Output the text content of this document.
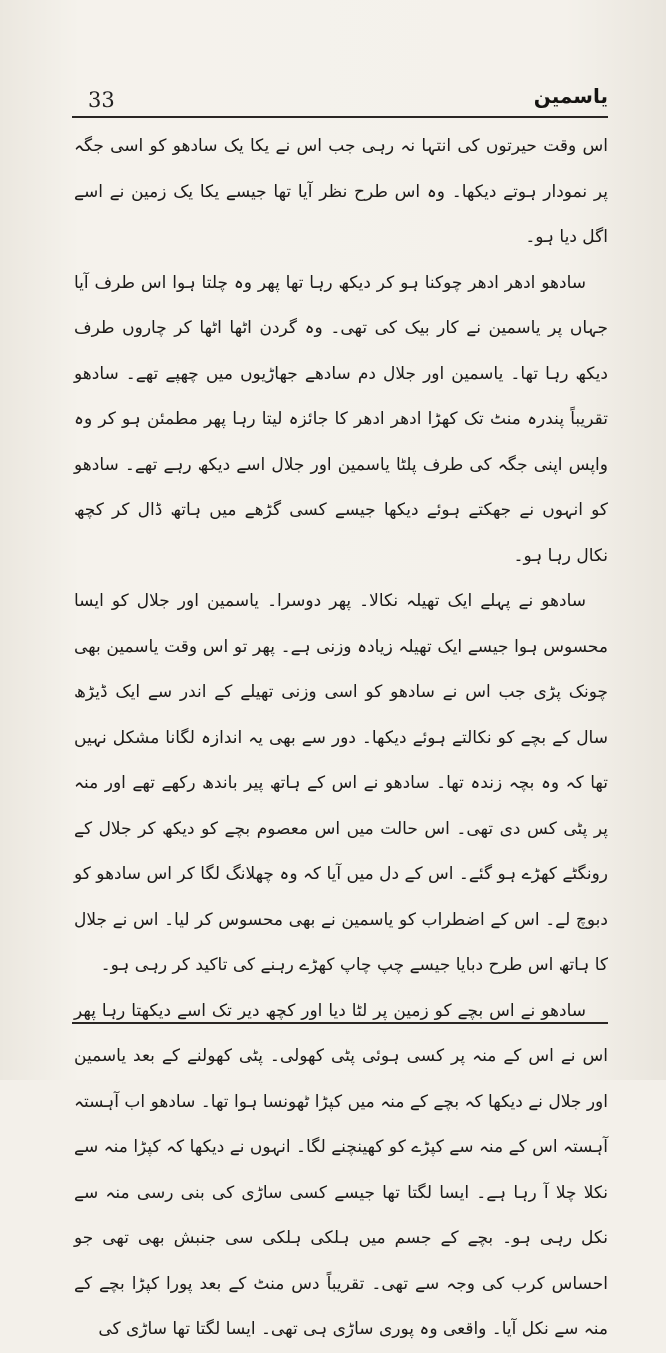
33	یاسمین

اس وقت حیرتوں کی انتہا نہ رہی جب اس نے یکا یک سادھو کو اسی جگہ پر نمودار ہوتے دیکھا۔ وہ اس طرح نظر آیا تھا جیسے یکا یک زمین نے اسے اگل دیا ہو۔

سادھو ادھر ادھر چوکنا ہو کر دیکھ رہا تھا پھر وہ چلتا ہوا اس طرف آیا جہاں پر یاسمین نے کار بیک کی تھی۔ وہ گردن اٹھا اٹھا کر چاروں طرف دیکھ رہا تھا۔ یاسمین اور جلال دم سادھے جھاڑیوں میں چھپے تھے۔ سادھو تقریباً پندرہ منٹ تک کھڑا ادھر ادھر کا جائزہ لیتا رہا پھر مطمئن ہو کر وہ واپس اپنی جگہ کی طرف پلٹا یاسمین اور جلال اسے دیکھ رہے تھے۔ سادھو کو انہوں نے جھکتے ہوئے دیکھا جیسے کسی گڑھے میں ہاتھ ڈال کر کچھ نکال رہا ہو۔

سادھو نے پہلے ایک تھیلہ نکالا۔ پھر دوسرا۔ یاسمین اور جلال کو ایسا محسوس ہوا جیسے ایک تھیلہ زیادہ وزنی ہے۔ پھر تو اس وقت یاسمین بھی چونک پڑی جب اس نے سادھو کو اسی وزنی تھیلے کے اندر سے ایک ڈیڑھ سال کے بچے کو نکالتے ہوئے دیکھا۔ دور سے بھی یہ اندازہ لگانا مشکل نہیں تھا کہ وہ بچہ زندہ تھا۔ سادھو نے اس کے ہاتھ پیر باندھ رکھے تھے اور منہ پر پٹی کس دی تھی۔ اس حالت میں اس معصوم بچے کو دیکھ کر جلال کے رونگٹے کھڑے ہو گئے۔ اس کے دل میں آیا کہ وہ چھلانگ لگا کر اس سادھو کو دبوچ لے۔ اس کے اضطراب کو یاسمین نے بھی محسوس کر لیا۔ اس نے جلال کا ہاتھ اس طرح دبایا جیسے چپ چاپ کھڑے رہنے کی تاکید کر رہی ہو۔

سادھو نے اس بچے کو زمین پر لٹا دیا اور کچھ دیر تک اسے دیکھتا رہا پھر اس نے اس کے منہ پر کسی ہوئی پٹی کھولی۔ پٹی کھولنے کے بعد یاسمین اور جلال نے دیکھا کہ بچے کے منہ میں کپڑا ٹھونسا ہوا تھا۔ سادھو اب آہستہ آہستہ اس کے منہ سے کپڑے کو کھینچنے لگا۔ انہوں نے دیکھا کہ کپڑا منہ سے نکلا چلا آ رہا ہے۔ ایسا لگتا تھا جیسے کسی ساڑی کی بنی رسی منہ سے نکل رہی ہو۔ بچے کے جسم میں ہلکی ہلکی سی جنبش بھی تھی جو احساس کرب کی وجہ سے تھی۔ تقریباً دس منٹ کے بعد پورا کپڑا بچے کے منہ سے نکل آیا۔ واقعی وہ پوری ساڑی ہی تھی۔ ایسا لگتا تھا ساڑی کی
